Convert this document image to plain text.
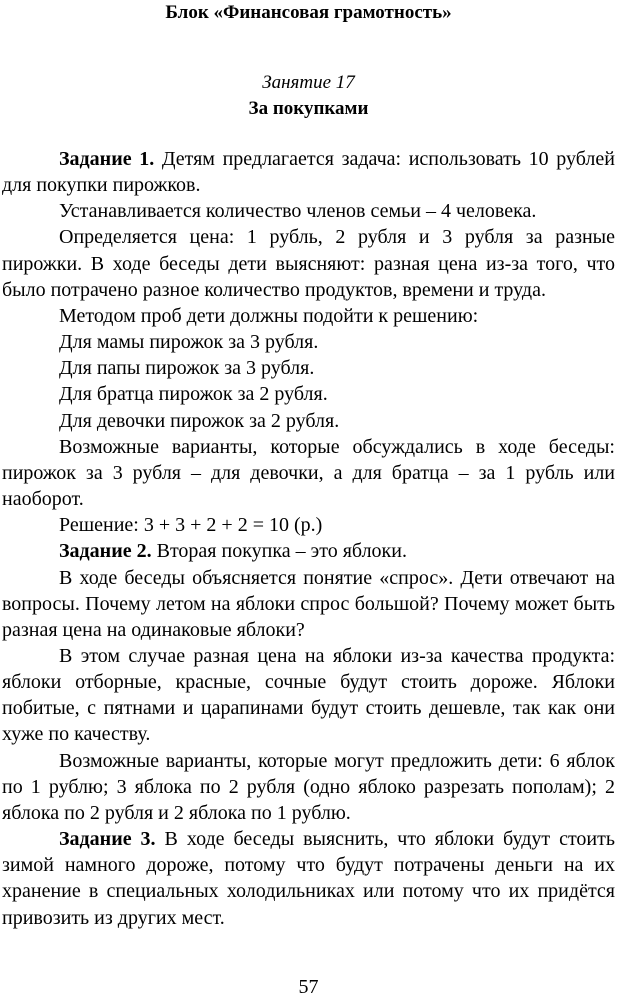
Блок «Финансовая грамотность»
Занятие 17
За покупками

Задание 1. Детям предлагается задача: использовать 10 рублей для покупки пирожков.

Устанавливается количество членов семьи – 4 человека.

Определяется цена: 1 рубль, 2 рубля и 3 рубля за разные пирожки. В ходе беседы дети выясняют: разная цена из-за того, что было потрачено разное количество продуктов, времени и труда.

Методом проб дети должны подойти к решению:

Для мамы пирожок за 3 рубля.

Для папы пирожок за 3 рубля.

Для братца пирожок за 2 рубля.

Для девочки пирожок за 2 рубля.

Возможные варианты, которые обсуждались в ходе беседы: пирожок за 3 рубля – для девочки, а для братца – за 1 рубль или наоборот.

Решение: 3 + 3 + 2 + 2 = 10 (р.)

Задание 2. Вторая покупка – это яблоки.

В ходе беседы объясняется понятие «спрос». Дети отвечают на вопросы. Почему летом на яблоки спрос большой? Почему может быть разная цена на одинаковые яблоки?

В этом случае разная цена на яблоки из-за качества продукта: яблоки отборные, красные, сочные будут стоить дороже. Яблоки побитые, с пятнами и царапинами будут стоить дешевле, так как они хуже по качеству.

Возможные варианты, которые могут предложить дети: 6 яблок по 1 рублю; 3 яблока по 2 рубля (одно яблоко разрезать пополам); 2 яблока по 2 рубля и 2 яблока по 1 рублю.

Задание 3. В ходе беседы выяснить, что яблоки будут стоить зимой намного дороже, потому что будут потрачены деньги на их хранение в специальных холодильниках или потому что их придётся привозить из других мест.

57
